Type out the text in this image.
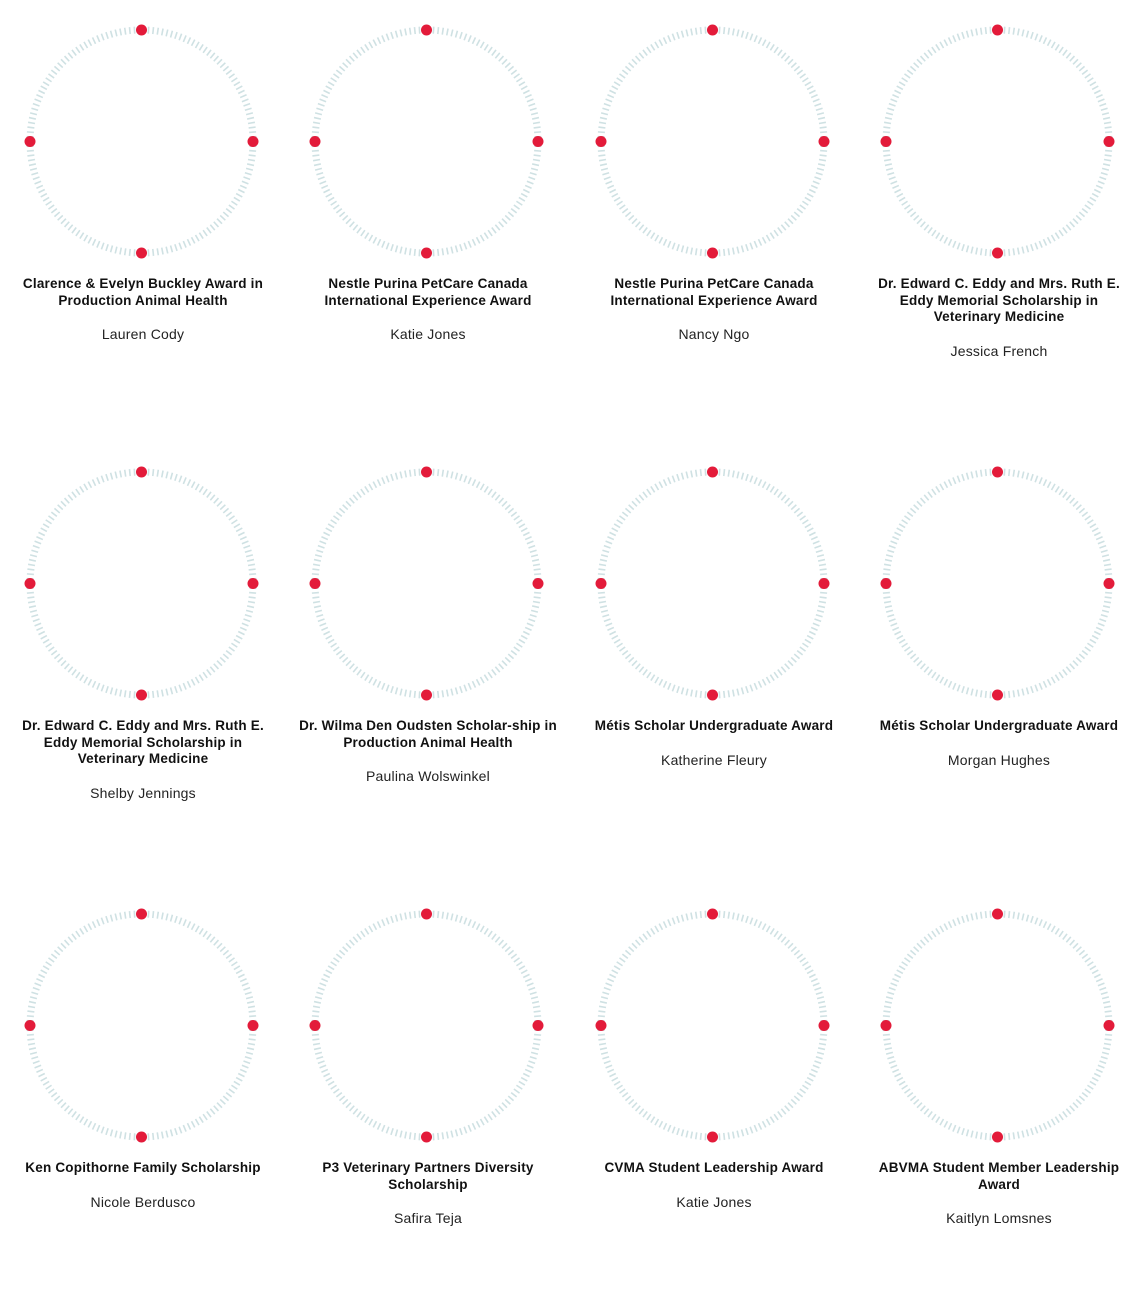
Clarence & Evelyn Buckley Award in Production Animal Health
Lauren Cody
Nestle Purina PetCare Canada International Experience Award
Katie Jones
Nestle Purina PetCare Canada International Experience Award
Nancy Ngo
Dr. Edward C. Eddy and Mrs. Ruth E. Eddy Memorial Scholarship in Veterinary Medicine
Jessica French
Dr. Edward C. Eddy and Mrs. Ruth E. Eddy Memorial Scholarship in Veterinary Medicine
Shelby Jennings
Dr. Wilma Den Oudsten Scholar-ship in Production Animal Health
Paulina Wolswinkel
Métis Scholar Undergraduate Award
Katherine Fleury
Métis Scholar Undergraduate Award
Morgan Hughes
Ken Copithorne Family Scholarship
Nicole Berdusco
P3 Veterinary Partners Diversity Scholarship
Safira Teja
CVMA Student Leadership Award
Katie Jones
ABVMA Student Member Leadership Award
Kaitlyn Lomsnes
